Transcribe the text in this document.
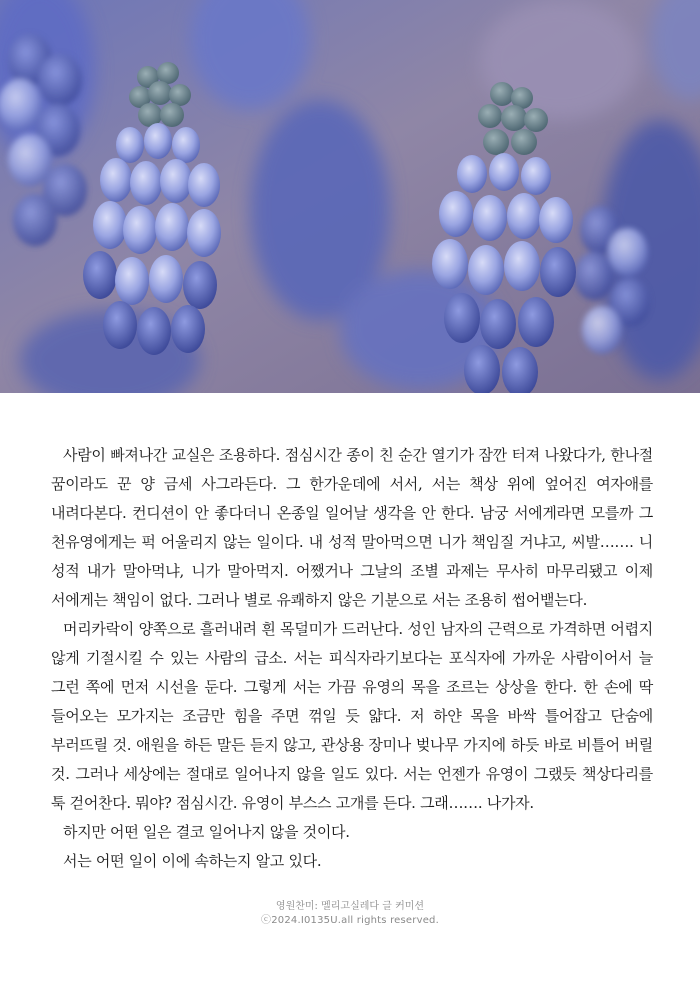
사람이 빠져나간 교실은 조용하다. 점심시간 종이 친 순간 열기가 잠깐 터져 나왔다가, 한나절 꿈이라도 꾼 양 금세 사그라든다. 그 한가운데에 서서, 서는 책상 위에 엎어진 여자애를 내려다본다. 컨디션이 안 좋다더니 온종일 일어날 생각을 안 한다. 남궁 서에게라면 모를까 그 천유영에게는 퍽 어울리지 않는 일이다. 내 성적 말아먹으면 니가 책임질 거냐고, 씨발……. 니 성적 내가 말아먹냐, 니가 말아먹지. 어쨌거나 그날의 조별 과제는 무사히 마무리됐고 이제 서에게는 책임이 없다. 그러나 별로 유쾌하지 않은 기분으로 서는 조용히 썹어뱉는다.

머리카락이 양쪽으로 흘러내려 흰 목덜미가 드러난다. 성인 남자의 근력으로 가격하면 어렵지 않게 기절시킬 수 있는 사람의 급소. 서는 피식자라기보다는 포식자에 가까운 사람이어서 늘 그런 쪽에 먼저 시선을 둔다. 그렇게 서는 가끔 유영의 목을 조르는 상상을 한다. 한 손에 딱 들어오는 모가지는 조금만 힘을 주면 꺾일 듯 얇다. 저 하얀 목을 바싹 틀어잡고 단숨에 부러뜨릴 것. 애원을 하든 말든 듣지 않고, 관상용 장미나 벚나무 가지에 하듯 바로 비틀어 버릴 것. 그러나 세상에는 절대로 일어나지 않을 일도 있다. 서는 언젠가 유영이 그랬듯 책상다리를 툭 걷어찬다. 뭐야? 점심시간. 유영이 부스스 고개를 든다. 그래……. 나가자.

하지만 어떤 일은 결코 일어나지 않을 것이다.

서는 어떤 일이 이에 속하는지 알고 있다.

영원찬미: 멜리고실레다 글 커미션
ⓒ2024.I0135U.all rights reserved.
